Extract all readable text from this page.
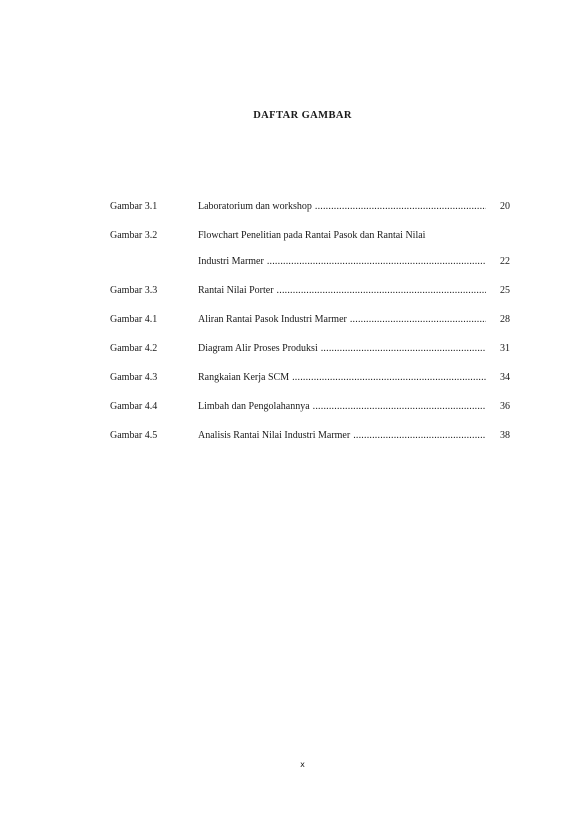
DAFTAR GAMBAR
Gambar 3.1	Laboratorium dan workshop .....	20
Gambar 3.2	Flowchart Penelitian pada Rantai Pasok dan Rantai Nilai
Industri Marmer .....	22
Gambar 3.3	Rantai Nilai Porter .....	25
Gambar 4.1	Aliran Rantai Pasok Industri Marmer .....	28
Gambar 4.2	Diagram Alir Proses Produksi .....	31
Gambar 4.3	Rangkaian Kerja SCM .....	34
Gambar 4.4	Limbah dan Pengolahannya .....	36
Gambar 4.5	Analisis Rantai Nilai Industri Marmer .....	38
x
